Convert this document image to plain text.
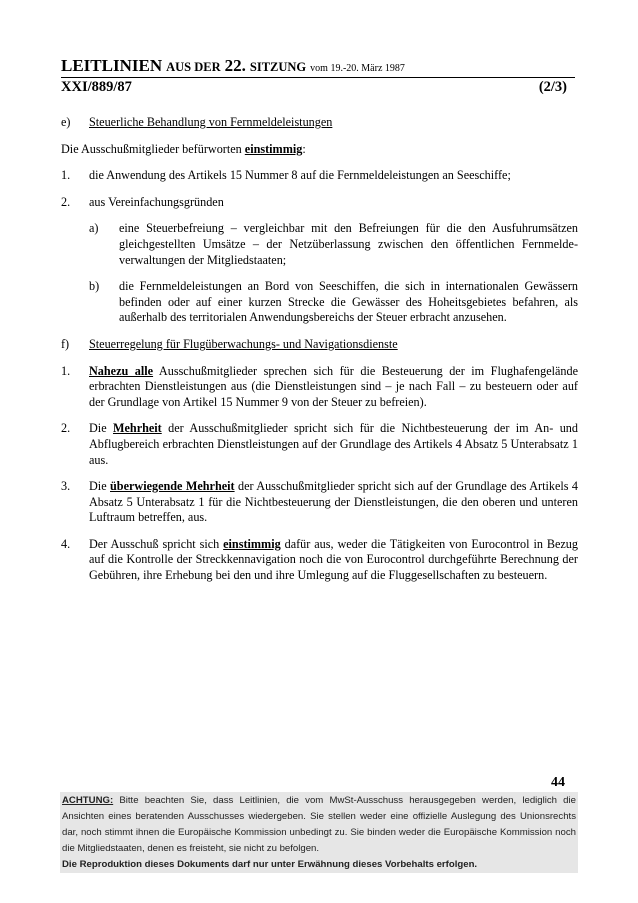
LEITLINIEN AUS DER 22. SITZUNG vom 19.-20. März 1987
XXI/889/87	(2/3)
e)	Steuerliche Behandlung von Fernmeldeleistungen
Die Ausschußmitglieder befürworten einstimmig:
1.	die Anwendung des Artikels 15 Nummer 8 auf die Fernmeldeleistungen an Seeschiffe;
2.	aus Vereinfachungsgründen
a)	eine Steuerbefreiung – vergleichbar mit den Befreiungen für die den Ausfuhrumsätzen gleichgestellten Umsätze – der Netzüberlassung zwischen den öffentlichen Fernmeldeverwaltungen der Mitgliedstaaten;
b)	die Fernmeldeleistungen an Bord von Seeschiffen, die sich in internationalen Gewässern befinden oder auf einer kurzen Strecke die Gewässer des Hoheitsgebietes befahren, als außerhalb des territorialen Anwendungsbereichs der Steuer erbracht anzusehen.
f)	Steuerregelung für Flugüberwachungs- und Navigationsdienste
1.	Nahezu alle Ausschußmitglieder sprechen sich für die Besteuerung der im Flughafengelände erbrachten Dienstleistungen aus (die Dienstleistungen sind – je nach Fall – zu besteuern oder auf der Grundlage von Artikel 15 Nummer 9 von der Steuer zu befreien).
2.	Die Mehrheit der Ausschußmitglieder spricht sich für die Nichtbesteuerung der im An- und Abflugbereich erbrachten Dienstleistungen auf der Grundlage des Artikels 4 Absatz 5 Unterabsatz 1 aus.
3.	Die überwiegende Mehrheit der Ausschußmitglieder spricht sich auf der Grundlage des Artikels 4 Absatz 5 Unterabsatz 1 für die Nichtbesteuerung der Dienstleistungen, die den oberen und unteren Luftraum betreffen, aus.
4.	Der Ausschuß spricht sich einstimmig dafür aus, weder die Tätigkeiten von Eurocontrol in Bezug auf die Kontrolle der Streckkennavigation noch die von Eurocontrol durchgeführte Berechnung der Gebühren, ihre Erhebung bei den und ihre Umlegung auf die Fluggesellschaften zu besteuern.
44
ACHTUNG: Bitte beachten Sie, dass Leitlinien, die vom MwSt-Ausschuss herausgegeben werden, lediglich die Ansichten eines beratenden Ausschusses wiedergeben. Sie stellen weder eine offizielle Auslegung des Unionsrechts dar, noch stimmt ihnen die Europäische Kommission unbedingt zu. Sie binden weder die Europäische Kommission noch die Mitgliedstaaten, denen es freisteht, sie nicht zu befolgen.
Die Reproduktion dieses Dokuments darf nur unter Erwähnung dieses Vorbehalts erfolgen.
